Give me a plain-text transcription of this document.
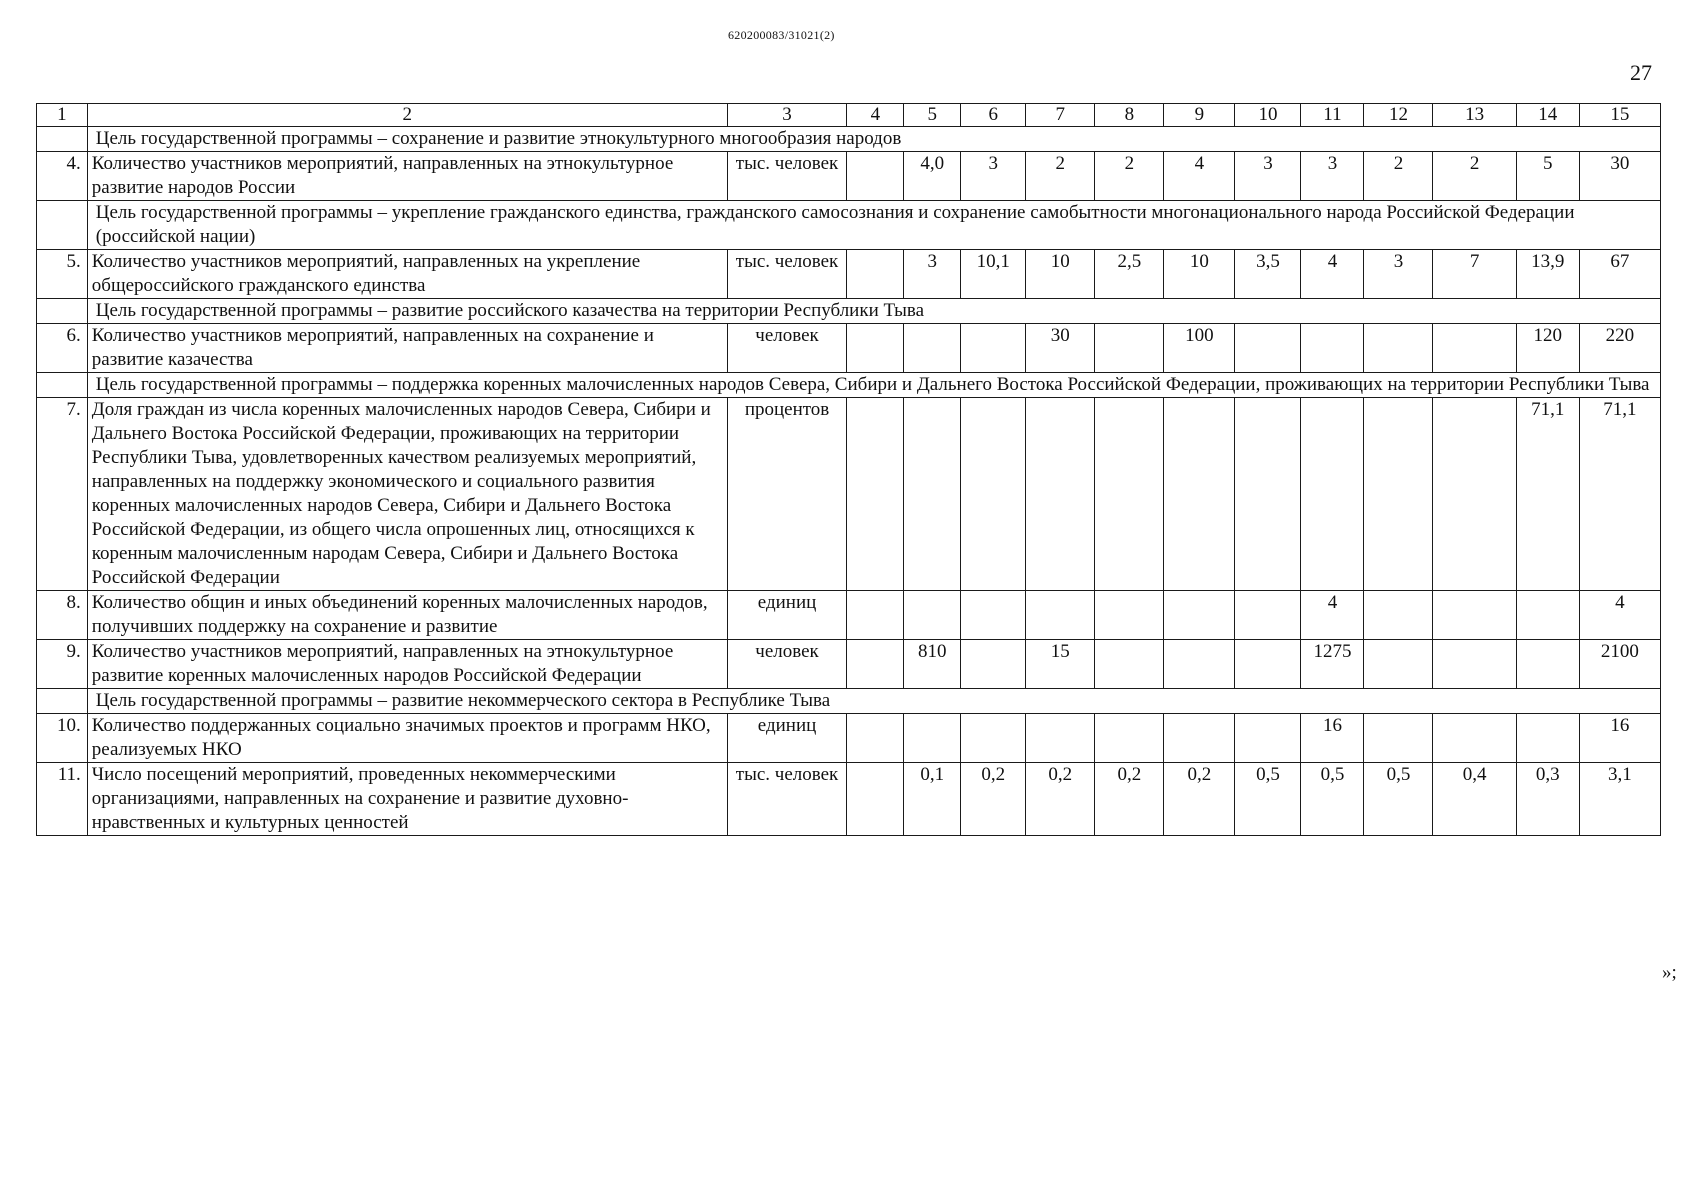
620200083/31021(2)
27
1	2	3	4	5	6	7	8	9	10	11	12	13	14	15
	Цель государственной программы – сохранение и развитие этнокультурного многообразия народов													
4.	Количество участников мероприятий, направленных на этнокультурное развитие народов России	тыс. человек		4,0	3	2	2	4	3	3	2	2	5	30
	Цель государственной программы – укрепление гражданского единства, гражданского самосознания и сохранение самобытности многонационального народа Российской Федерации (российской нации)													
5.	Количество участников мероприятий, направленных на укрепление общероссийского гражданского единства	тыс. человек		3	10,1	10	2,5	10	3,5	4	3	7	13,9	67
	Цель государственной программы – развитие российского казачества на территории Республики Тыва													
6.	Количество участников мероприятий, направленных на сохранение и развитие казачества	человек				30		100					120	220
	Цель государственной программы – поддержка коренных малочисленных народов Севера, Сибири и Дальнего Востока Российской Федерации, проживающих на территории Республики Тыва													
7.	Доля граждан из числа коренных малочисленных народов Севера, Сибири и Дальнего Востока Российской Федерации, проживающих на территории Республики Тыва, удовлетворенных качеством реализуемых мероприятий, направленных на поддержку экономического и социального развития коренных малочисленных народов Севера, Сибири и Дальнего Востока Российской Федерации, из общего числа опрошенных лиц, относящихся к коренным малочисленным народам Севера, Сибири и Дальнего Востока Российской Федерации	процентов											71,1	71,1
8.	Количество общин и иных объединений коренных малочисленных народов, получивших поддержку на сохранение и развитие	единиц								4				4
9.	Количество участников мероприятий, направленных на этнокультурное развитие коренных малочисленных народов Российской Федерации	человек		810		15				1275				2100
	Цель государственной программы – развитие некоммерческого сектора в Республике Тыва													
10.	Количество поддержанных социально значимых проектов и программ НКО, реализуемых НКО	единиц								16				16
11.	Число посещений мероприятий, проведенных некоммерческими организациями, направленных на сохранение и развитие духовно-нравственных и культурных ценностей	тыс. человек		0,1	0,2	0,2	0,2	0,2	0,5	0,5	0,5	0,4	0,3	3,1
»;
